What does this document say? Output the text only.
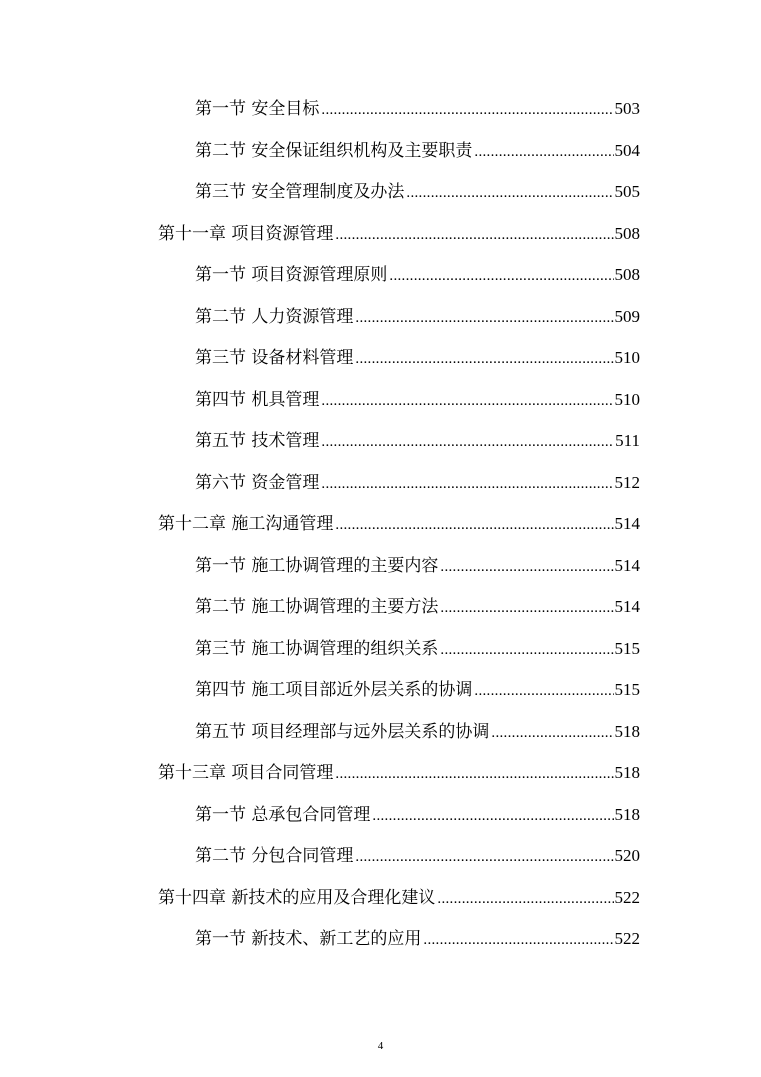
第一节 安全目标 .....	503
第二节 安全保证组织机构及主要职责 .....	504
第三节 安全管理制度及办法 .....	505
第十一章 项目资源管理 .....	508
第一节 项目资源管理原则 .....	508
第二节 人力资源管理 .....	509
第三节 设备材料管理 .....	510
第四节 机具管理 .....	510
第五节 技术管理 .....	511
第六节 资金管理 .....	512
第十二章 施工沟通管理 .....	514
第一节 施工协调管理的主要内容 .....	514
第二节 施工协调管理的主要方法 .....	514
第三节 施工协调管理的组织关系 .....	515
第四节 施工项目部近外层关系的协调 .....	515
第五节 项目经理部与远外层关系的协调 .....	518
第十三章 项目合同管理 .....	518
第一节 总承包合同管理 .....	518
第二节 分包合同管理 .....	520
第十四章 新技术的应用及合理化建议 .....	522
第一节 新技术、新工艺的应用 .....	522
4
